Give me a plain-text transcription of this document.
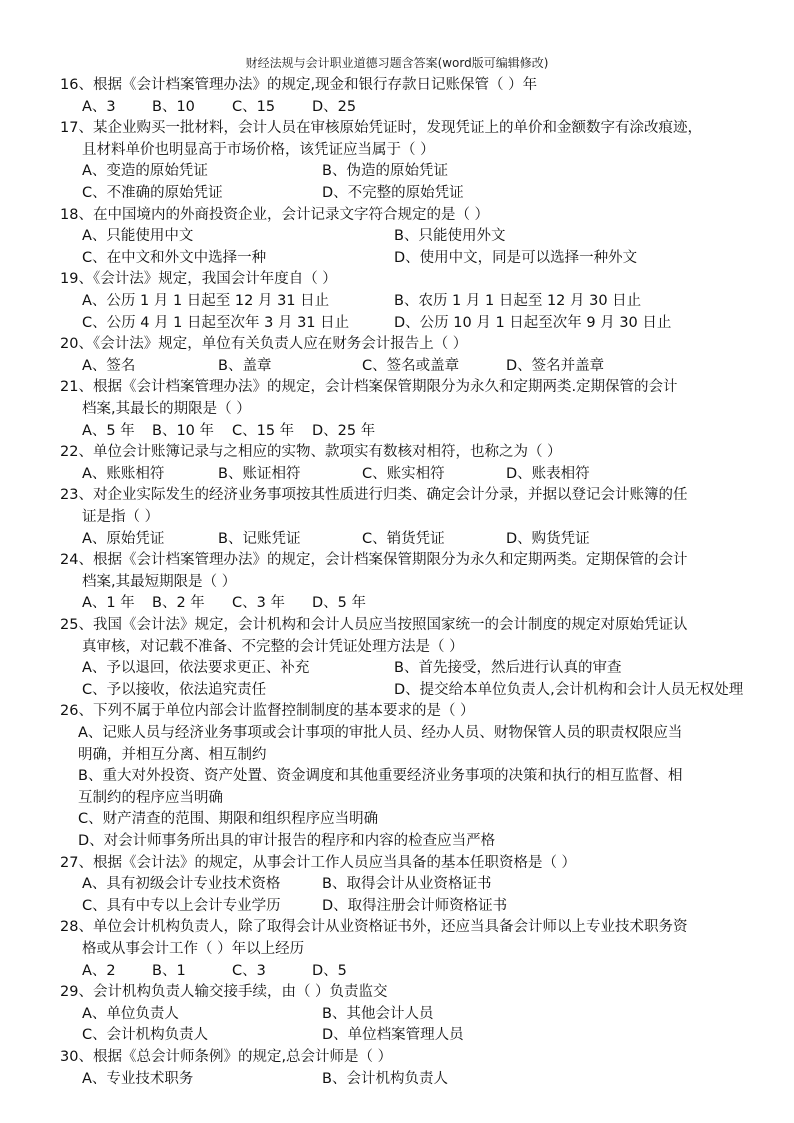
财经法规与会计职业道德习题含答案(word版可编辑修改)
16、根据《会计档案管理办法》的规定,现金和银行存款日记账保管（ ）年
A、3	B、10	C、15	D、25
17、某企业购买一批材料，会计人员在审核原始凭证时，发现凭证上的单价和金额数字有涂改痕迹，
且材料单价也明显高于市场价格，该凭证应当属于（ ）
A、变造的原始凭证	B、伪造的原始凭证
C、不准确的原始凭证	D、不完整的原始凭证
18、在中国境内的外商投资企业，会计记录文字符合规定的是（ ）
A、只能使用中文	B、只能使用外文
C、在中文和外文中选择一种	D、使用中文，同是可以选择一种外文
19、《会计法》规定，我国会计年度自（ ）
A、公历 1 月 1 日起至 12 月 31 日止	B、农历 1 月 1 日起至 12 月 30 日止
C、公历 4 月 1 日起至次年 3 月 31 日止	D、公历 10 月 1 日起至次年 9 月 30 日止
20、《会计法》规定，单位有关负责人应在财务会计报告上（ ）
A、签名	B、盖章	C、签名或盖章	D、签名并盖章
21、根据《会计档案管理办法》的规定，会计档案保管期限分为永久和定期两类.定期保管的会计
档案,其最长的期限是（ ）
A、5 年 B、10 年 C、15 年 D、25 年
22、单位会计账簿记录与之相应的实物、款项实有数核对相符，也称之为（ ）
A、账账相符	B、账证相符	C、账实相符	D、账表相符
23、对企业实际发生的经济业务事项按其性质进行归类、确定会计分录，并据以登记会计账簿的任
证是指（ ）
A、原始凭证	B、记账凭证	C、销货凭证	D、购货凭证
24、根据《会计档案管理办法》的规定，会计档案保管期限分为永久和定期两类。定期保管的会计
档案,其最短期限是（ ）
A、1 年 B、2 年 C、3 年 D、5 年
25、我国《会计法》规定，会计机构和会计人员应当按照国家统一的会计制度的规定对原始凭证认
真审核，对记载不准备、不完整的会计凭证处理方法是（ ）
A、予以退回，依法要求更正、补充	B、首先接受，然后进行认真的审查
C、予以接收，依法追究责任	D、提交给本单位负责人,会计机构和会计人员无权处理
26、下列不属于单位内部会计监督控制制度的基本要求的是（ ）
A、记账人员与经济业务事项或会计事项的审批人员、经办人员、财物保管人员的职责权限应当
明确，并相互分离、相互制约
B、重大对外投资、资产处置、资金调度和其他重要经济业务事项的决策和执行的相互监督、相
互制约的程序应当明确
C、财产清查的范围、期限和组织程序应当明确
D、对会计师事务所出具的审计报告的程序和内容的检查应当严格
27、根据《会计法》的规定，从事会计工作人员应当具备的基本任职资格是（ ）
A、具有初级会计专业技术资格	B、取得会计从业资格证书
C、具有中专以上会计专业学历	D、取得注册会计师资格证书
28、单位会计机构负责人，除了取得会计从业资格证书外，还应当具备会计师以上专业技术职务资
格或从事会计工作（ ）年以上经历
A、2	B、1	C、3	D、5
29、会计机构负责人输交接手续，由（ ）负责监交
A、单位负责人	B、其他会计人员
C、会计机构负责人	D、单位档案管理人员
30、根据《总会计师条例》的规定,总会计师是（ ）
A、专业技术职务	B、会计机构负责人
